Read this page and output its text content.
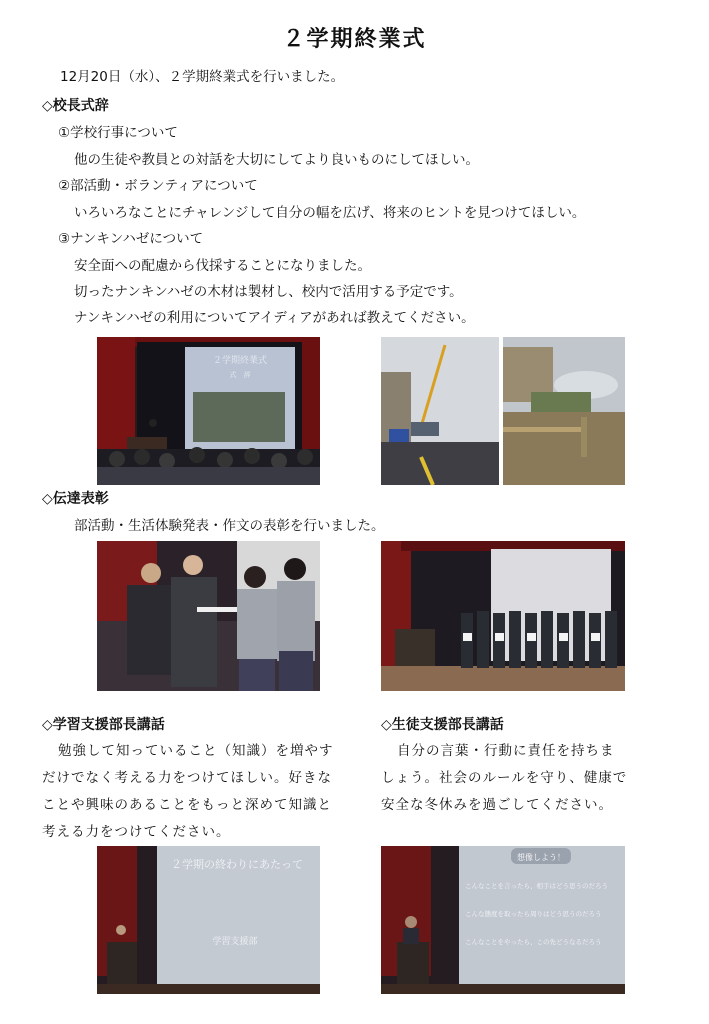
２学期終業式
12月20日（水）、２学期終業式を行いました。
◇校長式辞
①学校行事について
他の生徒や教員との対話を大切にしてより良いものにしてほしい。
②部活動・ボランティアについて
いろいろなことにチャレンジして自分の幅を広げ、将来のヒントを見つけてほしい。
③ナンキンハゼについて
安全面への配慮から伐採することになりました。
切ったナンキンハゼの木材は製材し、校内で活用する予定です。
ナンキンハゼの利用についてアイディアがあれば教えてください。
２学期終業式
式　辞
◇伝達表彰
部活動・生活体験発表・作文の表彰を行いました。
◇学習支援部長講話
勉強して知っていること（知識）を増やす
だけでなく考える力をつけてほしい。好きな
ことや興味のあることをもっと深めて知識と
考える力をつけてください。
◇生徒支援部長講話
自分の言葉・行動に責任を持ちま
しょう。社会のルールを守り、健康で
安全な冬休みを過ごしてください。
２学期の終わりにあたって
学習支援部
想像しよう！
こんなことを言ったら、相手はどう思うのだろう
こんな態度を取ったら周りはどう思うのだろう
こんなことをやったら、この先どうなるだろう
